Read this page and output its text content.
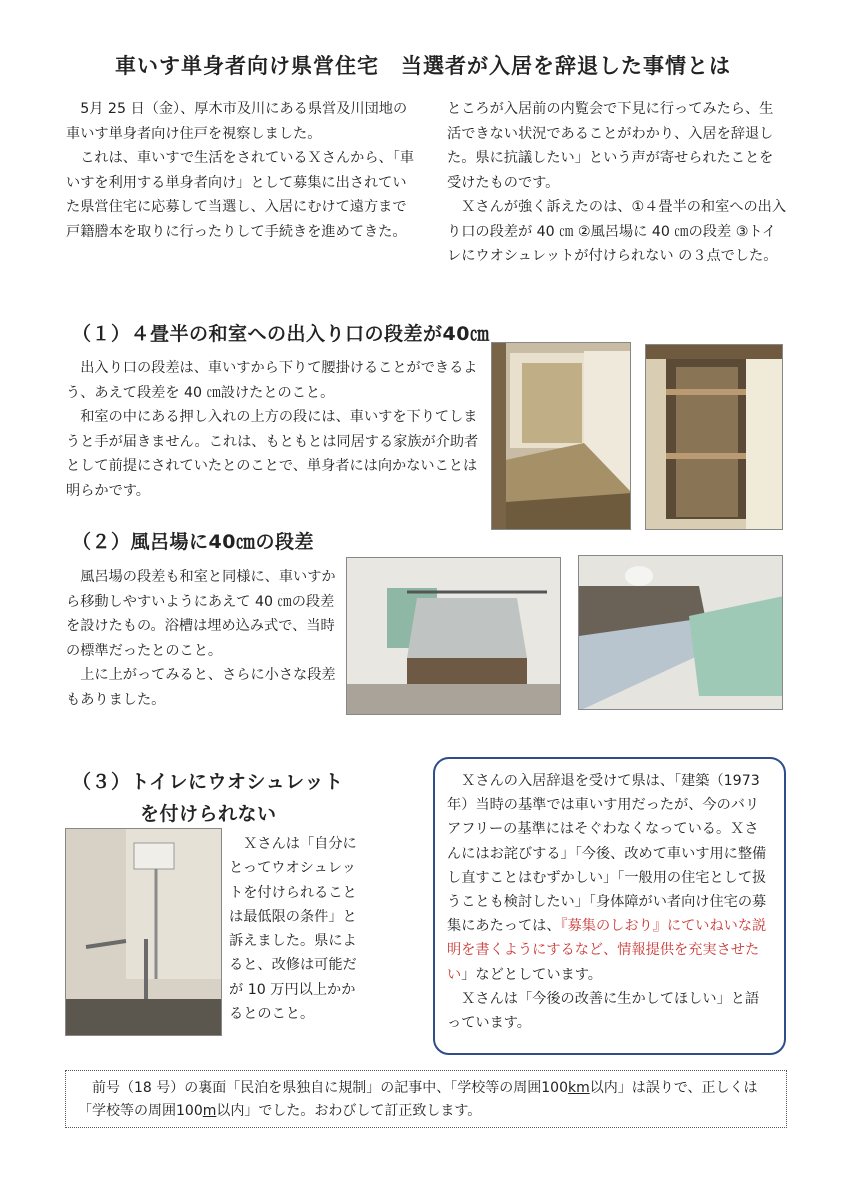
車いす単身者向け県営住宅　当選者が入居を辞退した事情とは

5月 25 日（金）、厚木市及川にある県営及川団地の車いす単身者向け住戸を視察しました。

これは、車いすで生活をされているＸさんから、「車いすを利用する単身者向け」として募集に出されていた県営住宅に応募して当選し、入居にむけて遠方まで戸籍謄本を取りに行ったりして手続きを進めてきた。

ところが入居前の内覧会で下見に行ってみたら、生活できない状況であることがわかり、入居を辞退した。県に抗議したい」という声が寄せられたことを受けたものです。

Ｘさんが強く訴えたのは、①４畳半の和室への出入り口の段差が 40 ㎝ ②風呂場に 40 ㎝の段差 ③トイレにウオシュレットが付けられない の３点でした。

（１）４畳半の和室への出入り口の段差が40㎝

出入り口の段差は、車いすから下りて腰掛けることができるよう、あえて段差を 40 ㎝設けたとのこと。

和室の中にある押し入れの上方の段には、車いすを下りてしまうと手が届きません。これは、もともとは同居する家族が介助者として前提にされていたとのことで、単身者には向かないことは明らかです。

（２）風呂場に40㎝の段差

風呂場の段差も和室と同様に、車いすから移動しやすいようにあえて 40 ㎝の段差を設けたもの。浴槽は埋め込み式で、当時の標準だったとのこと。

上に上がってみると、さらに小さな段差もありました。

（３）トイレにウオシュレット
を付けられない

Ｘさんは「自分にとってウオシュレットを付けられることは最低限の条件」と訴えました。県によると、改修は可能だが 10 万円以上かかるとのこと。

Ｘさんの入居辞退を受けて県は、「建築（1973 年）当時の基準では車いす用だったが、今のバリアフリーの基準にはそぐわなくなっている。Ｘさんにはお詫びする」「今後、改めて車いす用に整備し直すことはむずかしい」「一般用の住宅として扱うことも検討したい」「身体障がい者向け住宅の募集にあたっては、『募集のしおり』にていねいな説明を書くようにするなど、情報提供を充実させたい」などとしています。

Ｘさんは「今後の改善に生かしてほしい」と語っています。

前号（18 号）の裏面「民泊を県独自に規制」の記事中、「学校等の周囲100km以内」は誤りで、正しくは「学校等の周囲100m以内」でした。おわびして訂正致します。
